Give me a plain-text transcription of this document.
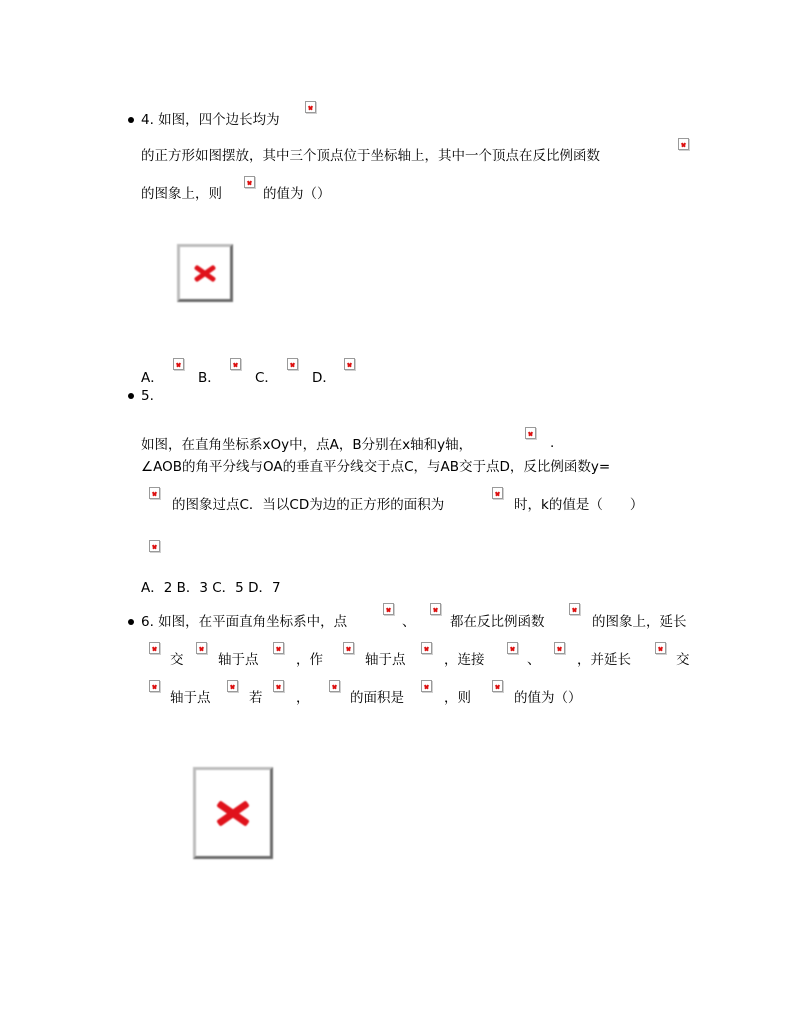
4. 如图，四个边长均为
的正方形如图摆放，其中三个顶点位于坐标轴上，其中一个顶点在反比例函数
的图象上，则	的值为（）
A．	B．	C．	D．
5.
如图，在直角坐标系xOy中，点A，B分别在x轴和y轴，	.
∠AOB的角平分线与OA的垂直平分线交于点C，与AB交于点D，反比例函数y=
的图象过点C．当以CD为边的正方形的面积为	时，k的值是（　　）
A．2 B．3 C．5 D．7
6. 如图，在平面直角坐标系中，点	、	都在反比例函数	的图象上，延长
交	轴于点	，作	轴于点	，连接	、	，并延长	交
轴于点	若 ，	的面积是	，则	的值为（）
